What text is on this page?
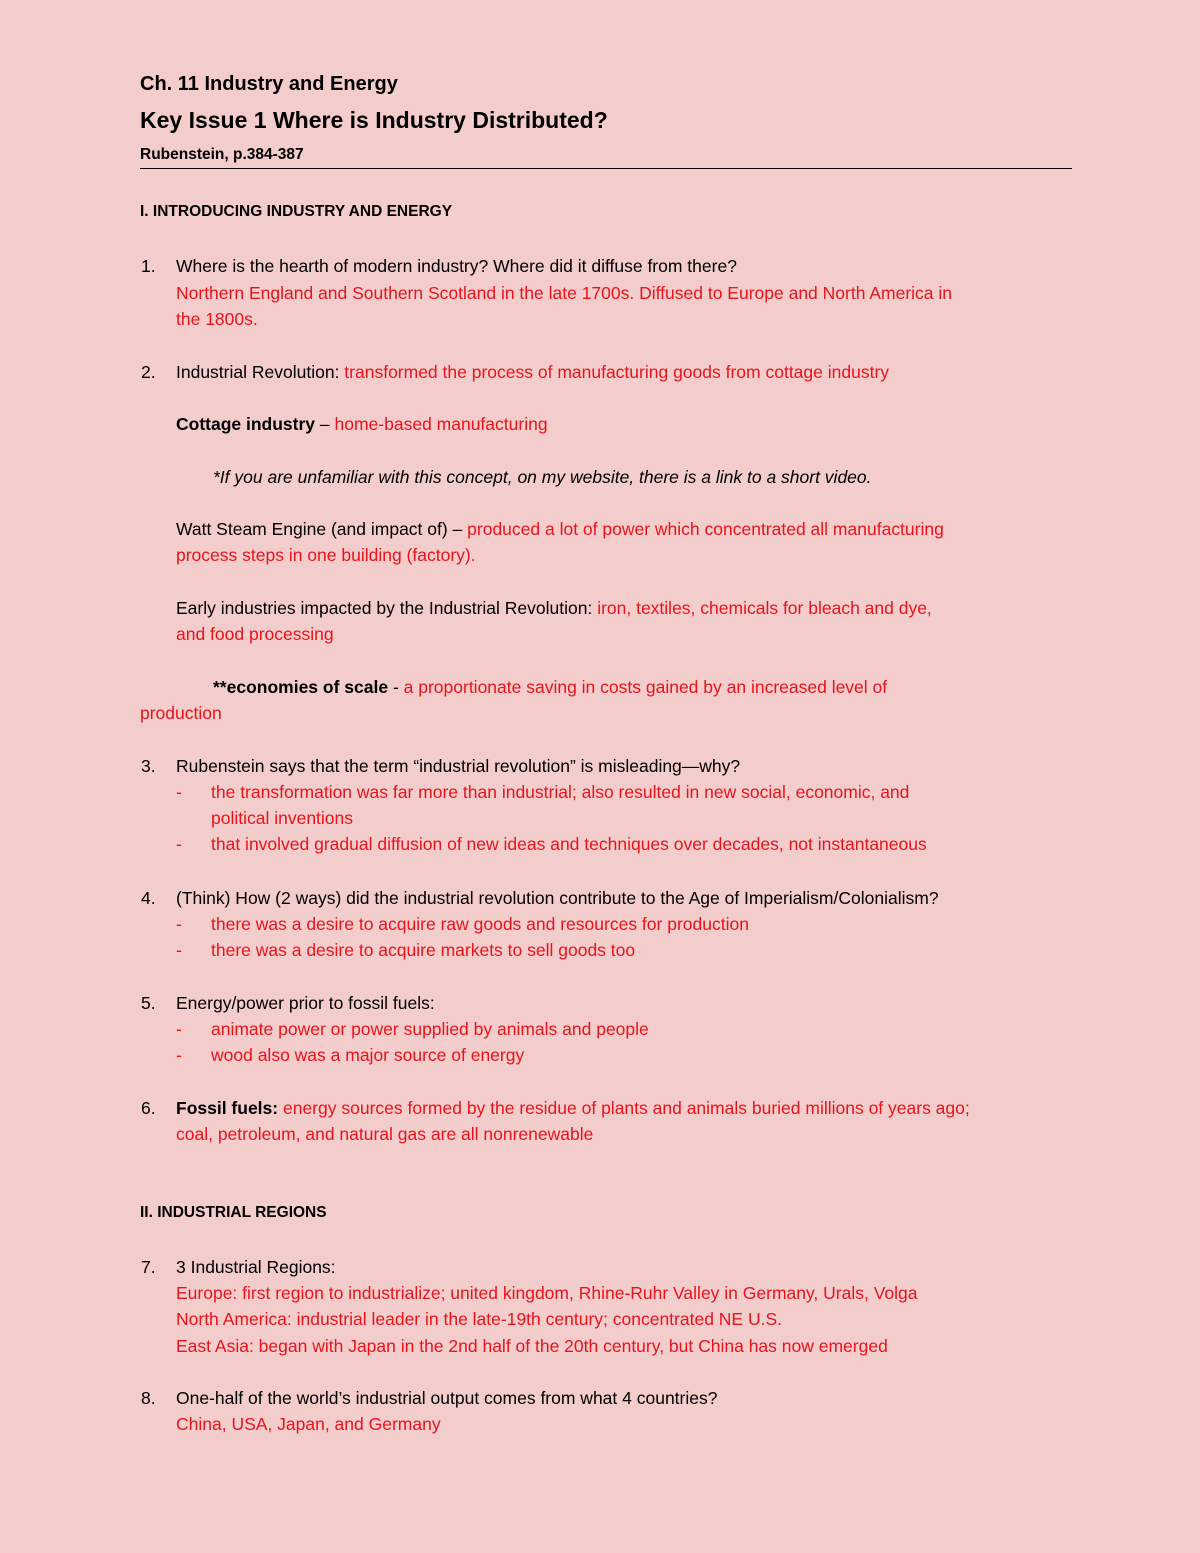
Ch. 11 Industry and Energy
Key Issue 1 Where is Industry Distributed?
Rubenstein, p.384-387
I. INTRODUCING INDUSTRY AND ENERGY
1. Where is the hearth of modern industry? Where did it diffuse from there?
Northern England and Southern Scotland in the late 1700s. Diffused to Europe and North America in
the 1800s.
2. Industrial Revolution: transformed the process of manufacturing goods from cottage industry
Cottage industry – home-based manufacturing
*If you are unfamiliar with this concept, on my website, there is a link to a short video.
Watt Steam Engine (and impact of) – produced a lot of power which concentrated all manufacturing
process steps in one building (factory).
Early industries impacted by the Industrial Revolution: iron, textiles, chemicals for bleach and dye,
and food processing
**economies of scale - a proportionate saving in costs gained by an increased level of
production
3. Rubenstein says that the term “industrial revolution” is misleading—why?
- the transformation was far more than industrial; also resulted in new social, economic, and
political inventions
- that involved gradual diffusion of new ideas and techniques over decades, not instantaneous
4. (Think) How (2 ways) did the industrial revolution contribute to the Age of Imperialism/Colonialism?
- there was a desire to acquire raw goods and resources for production
- there was a desire to acquire markets to sell goods too
5. Energy/power prior to fossil fuels:
- animate power or power supplied by animals and people
- wood also was a major source of energy
6. Fossil fuels: energy sources formed by the residue of plants and animals buried millions of years ago;
coal, petroleum, and natural gas are all nonrenewable
II. INDUSTRIAL REGIONS
7. 3 Industrial Regions:
Europe: first region to industrialize; united kingdom, Rhine-Ruhr Valley in Germany, Urals, Volga
North America: industrial leader in the late-19th century; concentrated NE U.S.
East Asia: began with Japan in the 2nd half of the 20th century, but China has now emerged
8. One-half of the world’s industrial output comes from what 4 countries?
China, USA, Japan, and Germany
